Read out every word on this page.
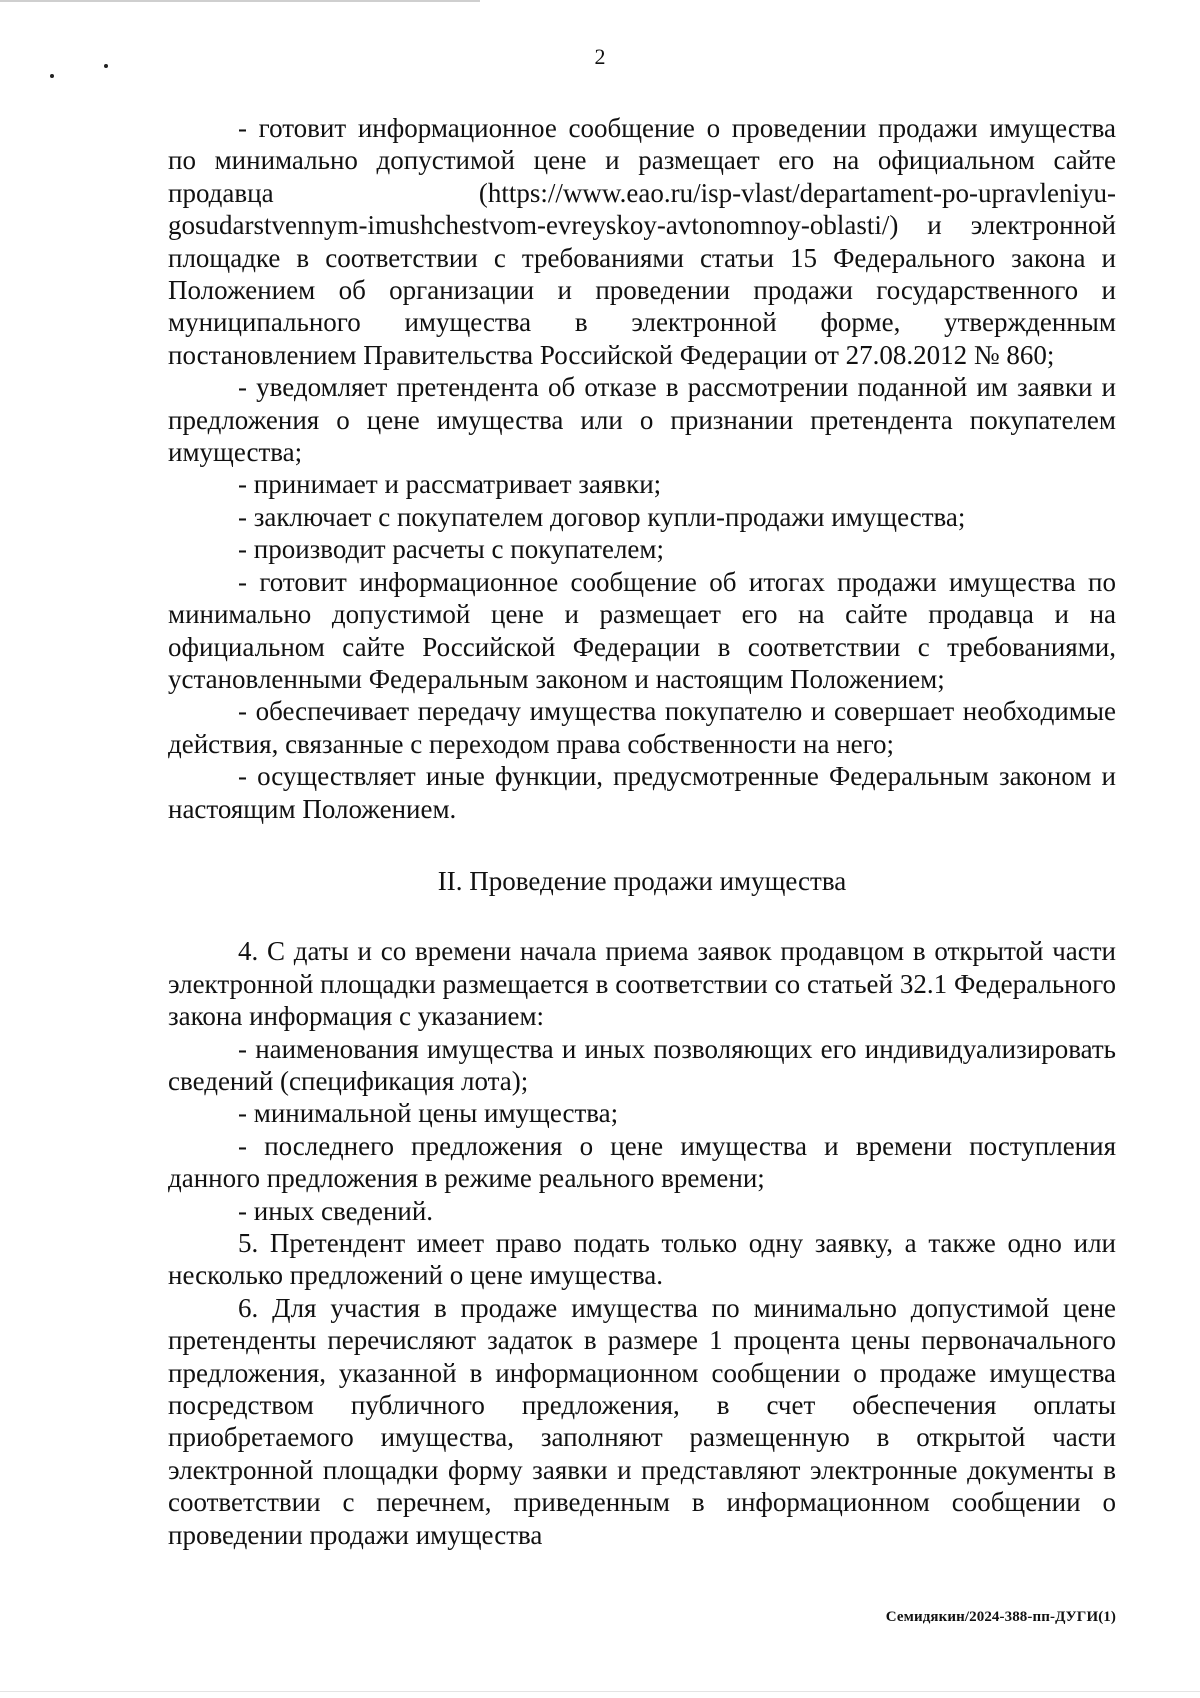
2

- готовит информационное сообщение о проведении продажи имущества по минимально допустимой цене и размещает его на официальном сайте продавца (https://www.eao.ru/isp-vlast/departament-po-upravleniyu-gosudarstvennym-imushchestvom-evreyskoy-avtonomnoy-oblasti/) и электронной площадке в соответствии с требованиями статьи 15 Федерального закона и Положением об организации и проведении продажи государственного и муниципального имущества в электронной форме, утвержденным постановлением Правительства Российской Федерации от 27.08.2012 № 860;

- уведомляет претендента об отказе в рассмотрении поданной им заявки и предложения о цене имущества или о признании претендента покупателем имущества;

- принимает и рассматривает заявки;

- заключает с покупателем договор купли-продажи имущества;

- производит расчеты с покупателем;

- готовит информационное сообщение об итогах продажи имущества по минимально допустимой цене и размещает его на сайте продавца и на официальном сайте Российской Федерации в соответствии с требованиями, установленными Федеральным законом и настоящим Положением;

- обеспечивает передачу имущества покупателю и совершает необходимые действия, связанные с переходом права собственности на него;

- осуществляет иные функции, предусмотренные Федеральным законом и настоящим Положением.

II. Проведение продажи имущества

4. С даты и со времени начала приема заявок продавцом в открытой части электронной площадки размещается в соответствии со статьей 32.1 Федерального закона информация с указанием:

- наименования имущества и иных позволяющих его индивидуализировать сведений (спецификация лота);

- минимальной цены имущества;

- последнего предложения о цене имущества и времени поступления данного предложения в режиме реального времени;

- иных сведений.

5. Претендент имеет право подать только одну заявку, а также одно или несколько предложений о цене имущества.

6. Для участия в продаже имущества по минимально допустимой цене претенденты перечисляют задаток в размере 1 процента цены первоначального предложения, указанной в информационном сообщении о продаже имущества посредством публичного предложения, в счет обеспечения оплаты приобретаемого имущества, заполняют размещенную в открытой части электронной площадки форму заявки и представляют электронные документы в соответствии с перечнем, приведенным в информационном сообщении о проведении продажи имущества

Семидякин/2024-388-пп-ДУГИ(1)
